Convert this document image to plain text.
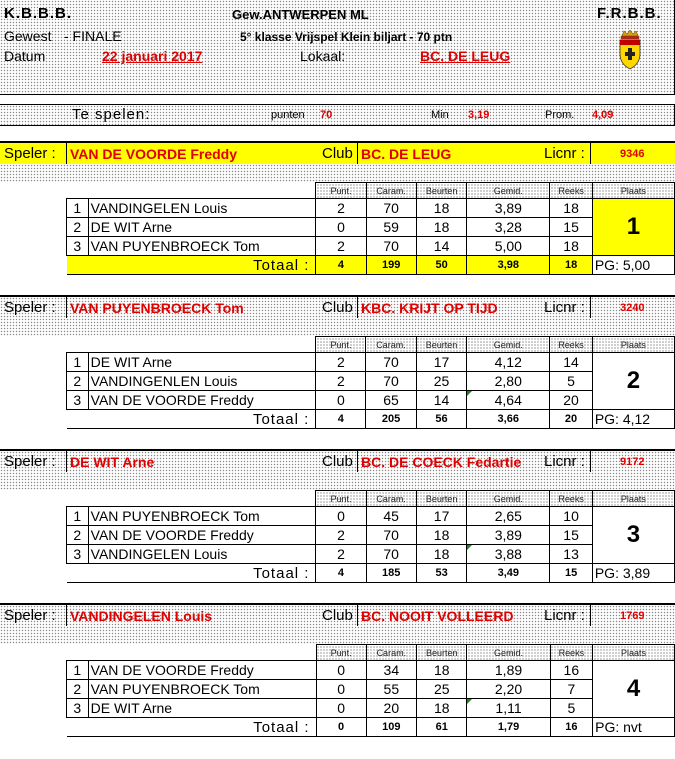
K.B.B.B.	Gew.ANTWERPEN ML	F.R.B.B.
Gewest - FINALE	5° klasse Vrijspel Klein biljart - 70 ptn
Datum	22 januari 2017	Lokaal:	BC. DE LEUG
Te spelen:	punten 70	Min 3,19	Prom. 4,09
Speler : VAN DE VOORDE Freddy	Club BC. DE LEUG	Licnr :	9346
		Punt.	Caram.	Beurten	Gemid.	Reeks	Plaats
1	VANDINGELEN Louis	2	70	18	3,89	18	1
2	DE WIT Arne	0	59	18	3,28	15	
3	VAN PUYENBROECK Tom	2	70	14	5,00	18	
Totaal :		4	199	50	3,98	18	PG: 5,00
Speler : VAN PUYENBROECK Tom	Club KBC. KRIJT OP TIJD	Licnr :	3240
		Punt.	Caram.	Beurten	Gemid.	Reeks	Plaats
1	DE WIT Arne	2	70	17	4,12	14	2
2	VANDINGENLEN Louis	2	70	25	2,80	5	
3	VAN DE VOORDE Freddy	0	65	14	4,64	20	
Totaal :		4	205	56	3,66	20	PG: 4,12
Speler : DE WIT Arne	Club BC. DE COECK Fedartie Licnr :	9172
		Punt.	Caram.	Beurten	Gemid.	Reeks	Plaats
1	VAN PUYENBROECK Tom	0	45	17	2,65	10	3
2	VAN DE VOORDE Freddy	2	70	18	3,89	15	
3	VANDINGELEN Louis	2	70	18	3,88	13	
Totaal :		4	185	53	3,49	15	PG: 3,89
Speler : VANDINGELEN Louis	Club BC. NOOIT VOLLEERD Licnr :	1769
		Punt.	Caram.	Beurten	Gemid.	Reeks	Plaats
1	VAN DE VOORDE Freddy	0	34	18	1,89	16	4
2	VAN PUYENBROECK Tom	0	55	25	2,20	7	
3	DE WIT Arne	0	20	18	1,11	5	
Totaal :		0	109	61	1,79	16	PG: nvt
